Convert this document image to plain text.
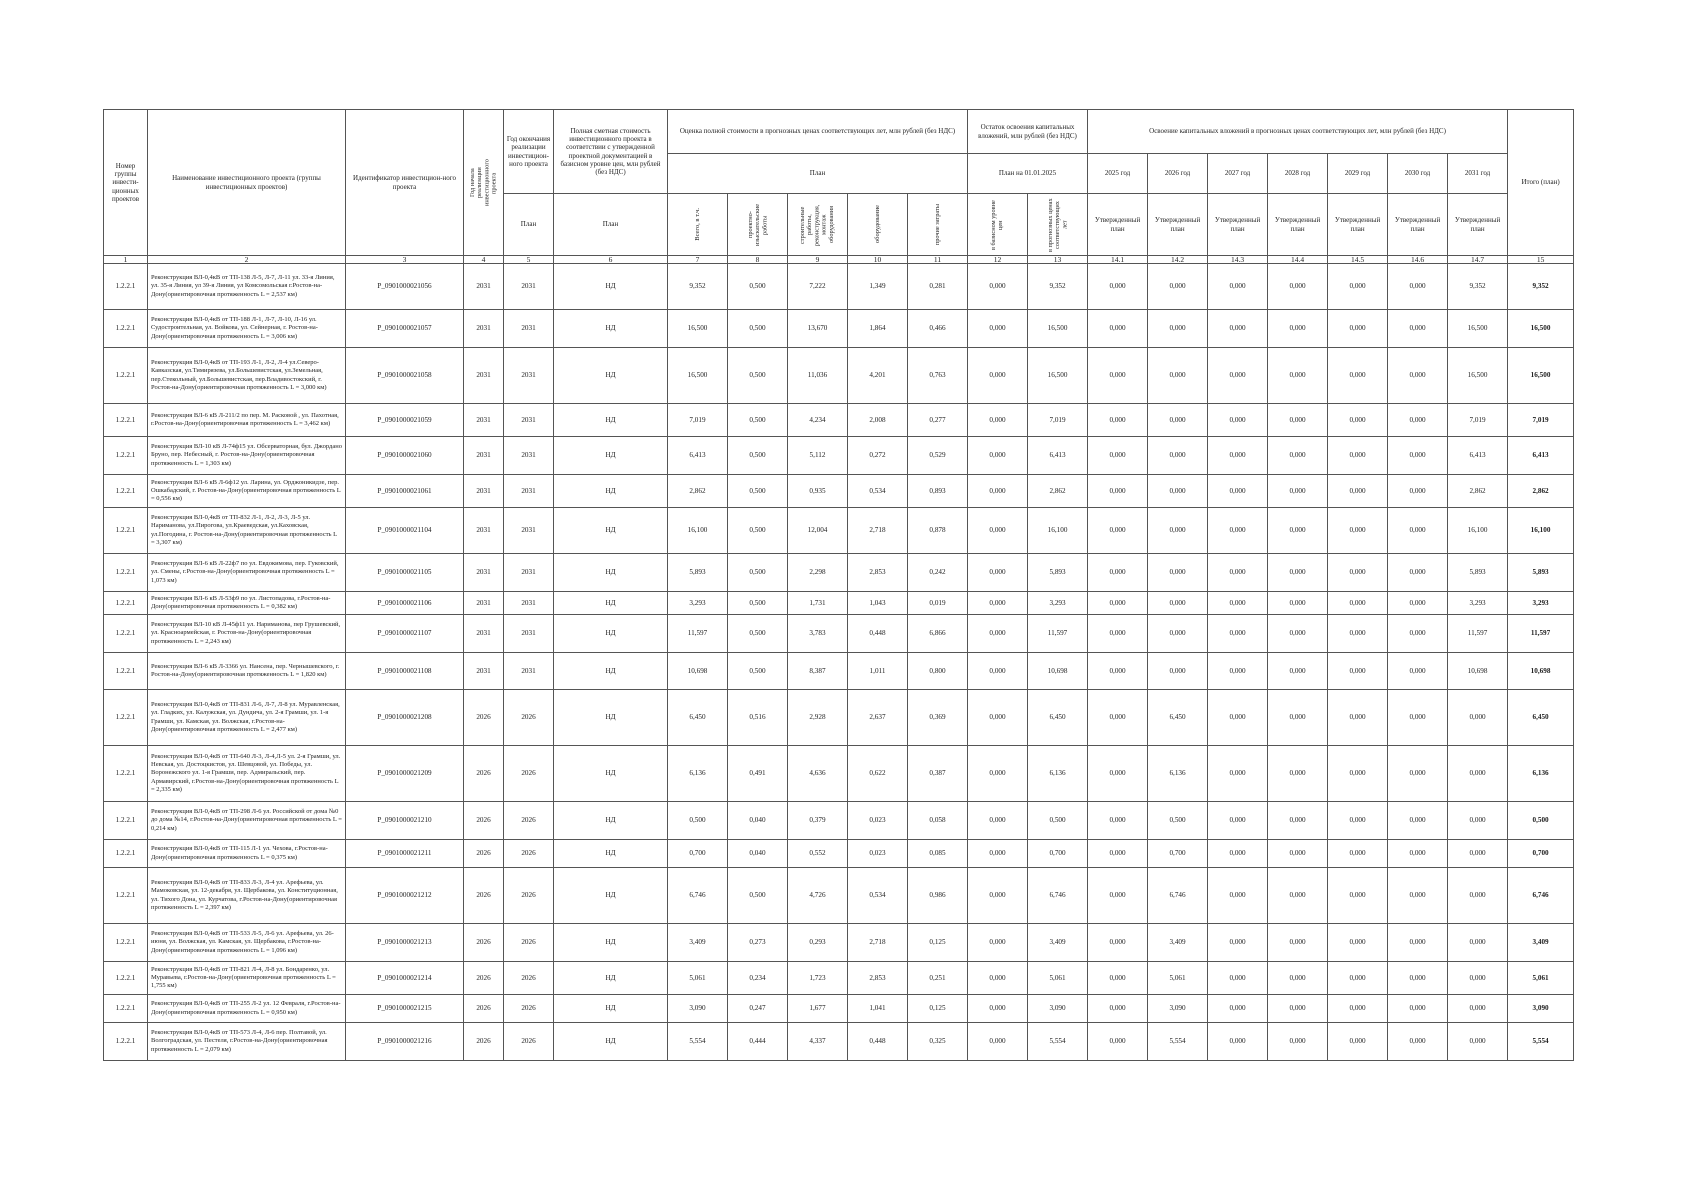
Номер группы инвести-ционных проектов	Наименование инвестиционного проекта (группы инвестиционных проектов)	Идентификатор инвестицион-ного проекта	Год начала реализации инвестиционного проекта	Год окончания реализации инвестицион-ного проекта	Полная сметная стоимость инвестиционного проекта в соответствии с утвержденной проектной документацией в базисном уровне цен, млн рублей (без НДС)	Оценка полной стоимости в прогнозных ценах соответствующих лет, млн рублей (без НДС)					Остаток освоения капитальных вложений, млн рублей (без НДС)		Освоение капитальных вложений в прогнозных ценах соответствующих лет, млн рублей (без НДС)							Итого (план)
						План					План на 01.01.2025		2025 год	2026 год	2027 год	2028 год	2029 год	2030 год	2031 год	
				План	План	Всего, в т.ч.	проектно-изыскательские работы	строительные работы, реконструкция, монтаж оборудования	оборудование	прочие затраты	в базисном уровне цен	в прогнозных ценах соответствующих лет	Утвержденный план	Утвержденный план	Утвержденный план	Утвержденный план	Утвержденный план	Утвержденный план	Утвержденный план	
1	2	3	4	5	6	7	8	9	10	11	12	13	14.1	14.2	14.3	14.4	14.5	14.6	14.7	15
1.2.2.1	Реконструкция ВЛ-0,4кВ от ТП-138 Л-5, Л-7, Л-11 ул. 33-я Линия, ул. 35-я Линия, ул 39-я Линия, ул Комсомольская г.Ростов-на-Дону(ориентировочная протяженность L = 2,537 км)	P_0901000021056	2031	2031	НД	9,352	0,500	7,222	1,349	0,281	0,000	9,352	0,000	0,000	0,000	0,000	0,000	0,000	9,352	9,352
1.2.2.1	Реконструкция ВЛ-0,4кВ от ТП-188 Л-1, Л-7, Л-10, Л-16 ул. Судостроительная, ул. Войкова, ул. Сейнерная, г. Ростов-на-Дону(ориентировочная протяженность L = 3,006 км)	P_0901000021057	2031	2031	НД	16,500	0,500	13,670	1,864	0,466	0,000	16,500	0,000	0,000	0,000	0,000	0,000	0,000	16,500	16,500
1.2.2.1	Реконструкция ВЛ-0,4кВ от ТП-193 Л-1, Л-2, Л-4 ул.Северо-Кавказская, ул.Тимирязева, ул.Большевистская, ул.Земельная, пер.Стекольный, ул.Большевистская, пер.Владивостокский, г. Ростов-на-Дону(ориентировочная протяженность L = 3,000 км)	P_0901000021058	2031	2031	НД	16,500	0,500	11,036	4,201	0,763	0,000	16,500	0,000	0,000	0,000	0,000	0,000	0,000	16,500	16,500
1.2.2.1	Реконструкция ВЛ-6 кВ Л-211/2 по пер. М. Расковой , ул. Пахотная, г.Ростов-на-Дону(ориентировочная протяженность L = 3,462 км)	P_0901000021059	2031	2031	НД	7,019	0,500	4,234	2,008	0,277	0,000	7,019	0,000	0,000	0,000	0,000	0,000	0,000	7,019	7,019
1.2.2.1	Реконструкция ВЛ-10 кВ Л-74ф15 ул. Обсерваторная, бул. Джордано Бруно, пер. Небесный, г. Ростов-на-Дону(ориентировочная протяженность L = 1,303 км)	P_0901000021060	2031	2031	НД	6,413	0,500	5,112	0,272	0,529	0,000	6,413	0,000	0,000	0,000	0,000	0,000	0,000	6,413	6,413
1.2.2.1	Реконструкция ВЛ-6 кВ Л-6ф12 ул. Ларина, ул. Орджоникидзе, пер. Ошкабадский, г. Ростов-на-Дону(ориентировочная протяженность L = 0,556 км)	P_0901000021061	2031	2031	НД	2,862	0,500	0,935	0,534	0,893	0,000	2,862	0,000	0,000	0,000	0,000	0,000	0,000	2,862	2,862
1.2.2.1	Реконструкция ВЛ-0,4кВ от ТП-832 Л-1, Л-2, Л-3, Л-5 ул. Нариманова, ул.Пирогова, ул.Краеведская, ул.Каховская, ул.Погодина, г. Ростов-на-Дону(ориентировочная протяженность L = 3,307 км)	P_0901000021104	2031	2031	НД	16,100	0,500	12,004	2,718	0,878	0,000	16,100	0,000	0,000	0,000	0,000	0,000	0,000	16,100	16,100
1.2.2.1	Реконструкция ВЛ-6 кВ Л-22ф7 по ул. Евдокимова, пер. Гуковский, ул. Смены, г.Ростов-на-Дону(ориентировочная протяженность L = 1,073 км)	P_0901000021105	2031	2031	НД	5,893	0,500	2,298	2,853	0,242	0,000	5,893	0,000	0,000	0,000	0,000	0,000	0,000	5,893	5,893
1.2.2.1	Реконструкция ВЛ-6 кВ Л-53ф9 по ул. Листопадова, г.Ростов-на-Дону(ориентировочная протяженность L = 0,382 км)	P_0901000021106	2031	2031	НД	3,293	0,500	1,731	1,043	0,019	0,000	3,293	0,000	0,000	0,000	0,000	0,000	0,000	3,293	3,293
1.2.2.1	Реконструкция ВЛ-10 кВ Л-45ф11 ул. Нариманова, пер Грушевский, ул. Красноармейская, г. Ростов-на-Дону(ориентировочная протяженность L = 2,243 км)	P_0901000021107	2031	2031	НД	11,597	0,500	3,783	0,448	6,866	0,000	11,597	0,000	0,000	0,000	0,000	0,000	0,000	11,597	11,597
1.2.2.1	Реконструкция ВЛ-6 кВ Л-3366 ул. Нансена, пер. Чернышевского, г. Ростов-на-Дону(ориентировочная протяженность L = 1,820 км)	P_0901000021108	2031	2031	НД	10,698	0,500	8,387	1,011	0,800	0,000	10,698	0,000	0,000	0,000	0,000	0,000	0,000	10,698	10,698
1.2.2.1	Реконструкция ВЛ-0,4кВ от ТП-831 Л-6, Л-7, Л-8 ул. Муравленская, ул. Гладких, ул. Калужская, ул. Дундича, ул. 2-я Грамши, ул. 1-я Грамши, ул. Камская, ул. Волжская, г.Ростов-на-Дону(ориентировочная протяженность L = 2,477 км)	P_0901000021208	2026	2026	НД	6,450	0,516	2,928	2,637	0,369	0,000	6,450	0,000	6,450	0,000	0,000	0,000	0,000	0,000	6,450
1.2.2.1	Реконструкция ВЛ-0,4кВ от ТП-640 Л-3, Л-4,Л-5 ул. 2-я Грамши, ул. Невская, ул. Достоцкистов, ул. Шевцовой, ул. Победы, ул. Воронежского ул. 1-я Грамши, пер. Адмиральский, пер. Армавирский, г.Ростов-на-Дону(ориентировочная протяженность L = 2,335 км)	P_0901000021209	2026	2026	НД	6,136	0,491	4,636	0,622	0,387	0,000	6,136	0,000	6,136	0,000	0,000	0,000	0,000	0,000	6,136
1.2.2.1	Реконструкция ВЛ-0,4кВ от ТП-298 Л-6 ул. Российской от дома №0 до дома №14, г.Ростов-на-Дону(ориентировочная протяженность L = 0,214 км)	P_0901000021210	2026	2026	НД	0,500	0,040	0,379	0,023	0,058	0,000	0,500	0,000	0,500	0,000	0,000	0,000	0,000	0,000	0,500
1.2.2.1	Реконструкция ВЛ-0,4кВ от ТП-115 Л-1 ул. Чехова, г.Ростов-на-Дону(ориентировочная протяженность L = 0,375 км)	P_0901000021211	2026	2026	НД	0,700	0,040	0,552	0,023	0,085	0,000	0,700	0,000	0,700	0,000	0,000	0,000	0,000	0,000	0,700
1.2.2.1	Реконструкция ВЛ-0,4кВ от ТП-833 Л-3, Л-4 ул. Арефьева, ул. Мамоковская, ул. 12-декабря, ул. Щербакова, ул. Конституционная, ул. Тихого Дона, ул. Курчатова, г.Ростов-на-Дону(ориентировочная протяженность L = 2,397 км)	P_0901000021212	2026	2026	НД	6,746	0,500	4,726	0,534	0,986	0,000	6,746	0,000	6,746	0,000	0,000	0,000	0,000	0,000	6,746
1.2.2.1	Реконструкция ВЛ-0,4кВ от ТП-533 Л-5, Л-6 ул. Арефьева, ул. 26-июня, ул. Волжская, ул. Камская, ул. Щербакова, г.Ростов-на-Дону(ориентировочная протяженность L = 1,096 км)	P_0901000021213	2026	2026	НД	3,409	0,273	0,293	2,718	0,125	0,000	3,409	0,000	3,409	0,000	0,000	0,000	0,000	0,000	3,409
1.2.2.1	Реконструкция ВЛ-0,4кВ от ТП-821 Л-4, Л-8 ул. Бондаренко, ул. Муравьева, г.Ростов-на-Дону(ориентировочная протяженность L = 1,755 км)	P_0901000021214	2026	2026	НД	5,061	0,234	1,723	2,853	0,251	0,000	5,061	0,000	5,061	0,000	0,000	0,000	0,000	0,000	5,061
1.2.2.1	Реконструкция ВЛ-0,4кВ от ТП-255 Л-2 ул. 12 Февраля, г.Ростов-на-Дону(ориентировочная протяженность L = 0,950 км)	P_0901000021215	2026	2026	НД	3,090	0,247	1,677	1,041	0,125	0,000	3,090	0,000	3,090	0,000	0,000	0,000	0,000	0,000	3,090
1.2.2.1	Реконструкция ВЛ-0,4кВ от ТП-573 Л-4, Л-6 пер. Полтавой, ул. Волгоградская, ул. Пестеля, г.Ростов-на-Дону(ориентировочная протяженность L = 2,079 км)	P_0901000021216	2026	2026	НД	5,554	0,444	4,337	0,448	0,325	0,000	5,554	0,000	5,554	0,000	0,000	0,000	0,000	0,000	5,554
